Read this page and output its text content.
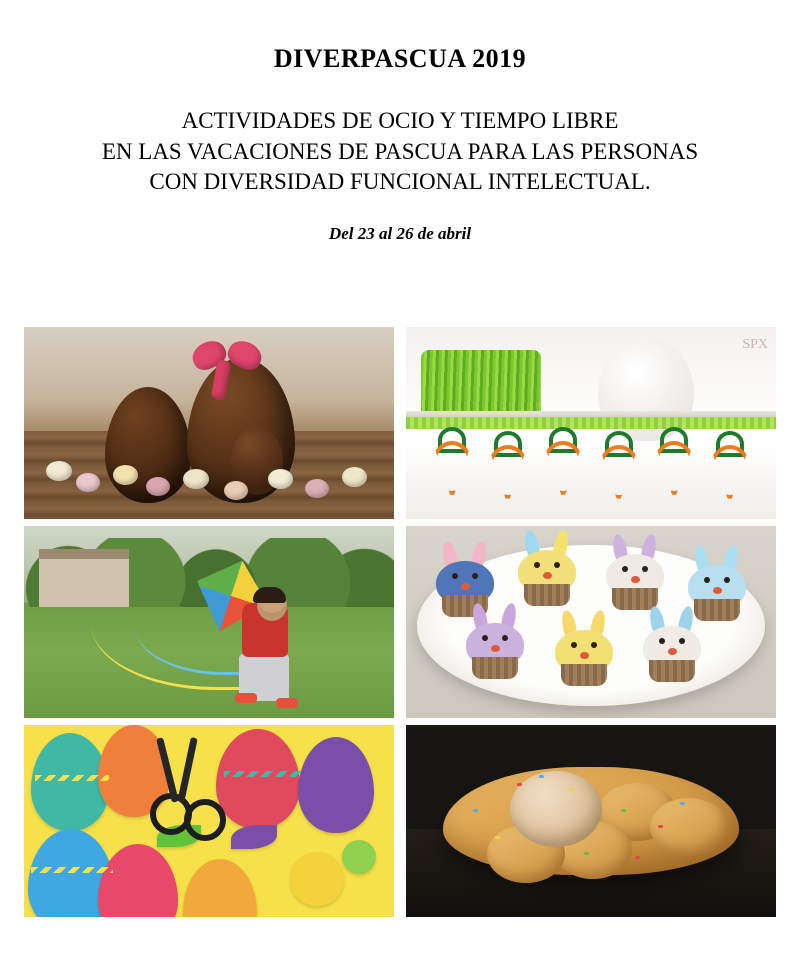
DIVERPASCUA 2019
ACTIVIDADES DE OCIO Y TIEMPO LIBRE
EN LAS VACACIONES DE PASCUA PARA LAS PERSONAS
CON DIVERSIDAD FUNCIONAL INTELECTUAL.
Del 23 al 26 de abril
SPX
